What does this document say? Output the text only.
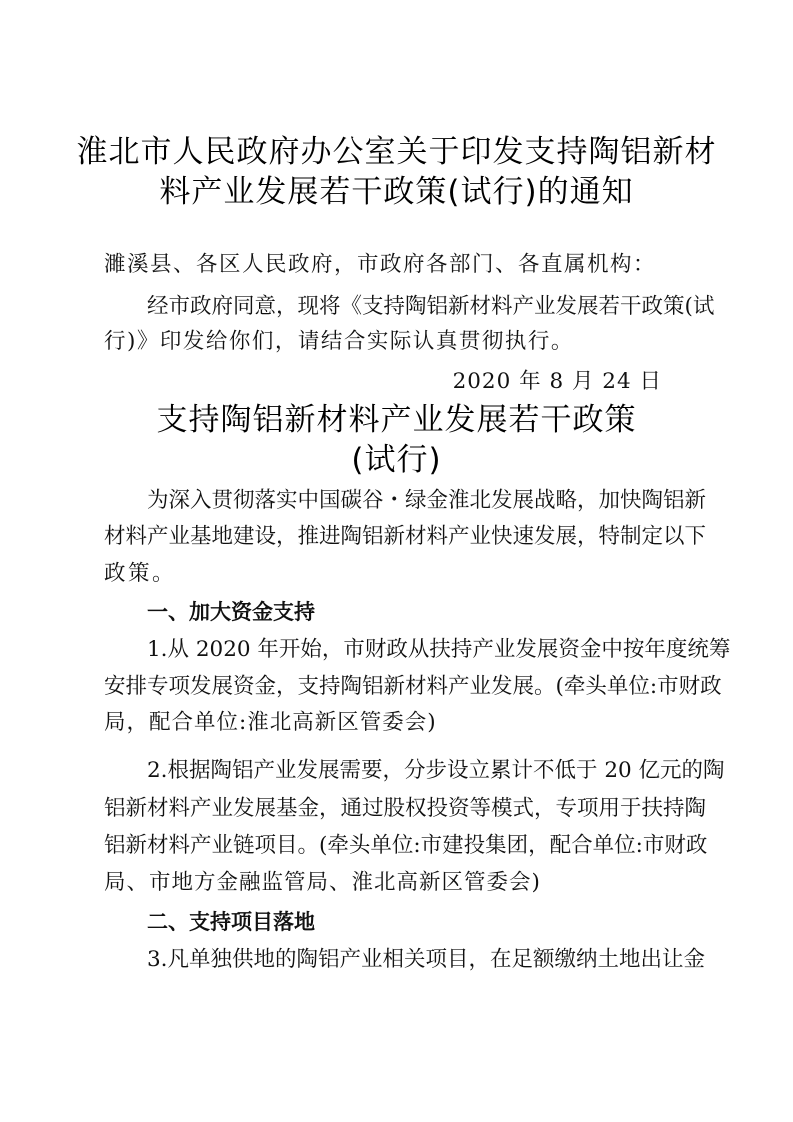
淮北市人民政府办公室关于印发支持陶铝新材
料产业发展若干政策(试行)的通知
濉溪县、各区人民政府，市政府各部门、各直属机构：
经市政府同意，现将《支持陶铝新材料产业发展若干政策(试
行)》印发给你们，请结合实际认真贯彻执行。
2020 年 8 月 24 日
支持陶铝新材料产业发展若干政策
(试行)
为深入贯彻落实中国碳谷・绿金淮北发展战略，加快陶铝新
材料产业基地建设，推进陶铝新材料产业快速发展，特制定以下
政策。
一、加大资金支持
1.从 2020 年开始，市财政从扶持产业发展资金中按年度统筹
安排专项发展资金，支持陶铝新材料产业发展。(牵头单位:市财政
局，配合单位:淮北高新区管委会)
2.根据陶铝产业发展需要，分步设立累计不低于 20 亿元的陶
铝新材料产业发展基金，通过股权投资等模式，专项用于扶持陶
铝新材料产业链项目。(牵头单位:市建投集团，配合单位:市财政
局、市地方金融监管局、淮北高新区管委会)
二、支持项目落地
3.凡单独供地的陶铝产业相关项目，在足额缴纳土地出让金
